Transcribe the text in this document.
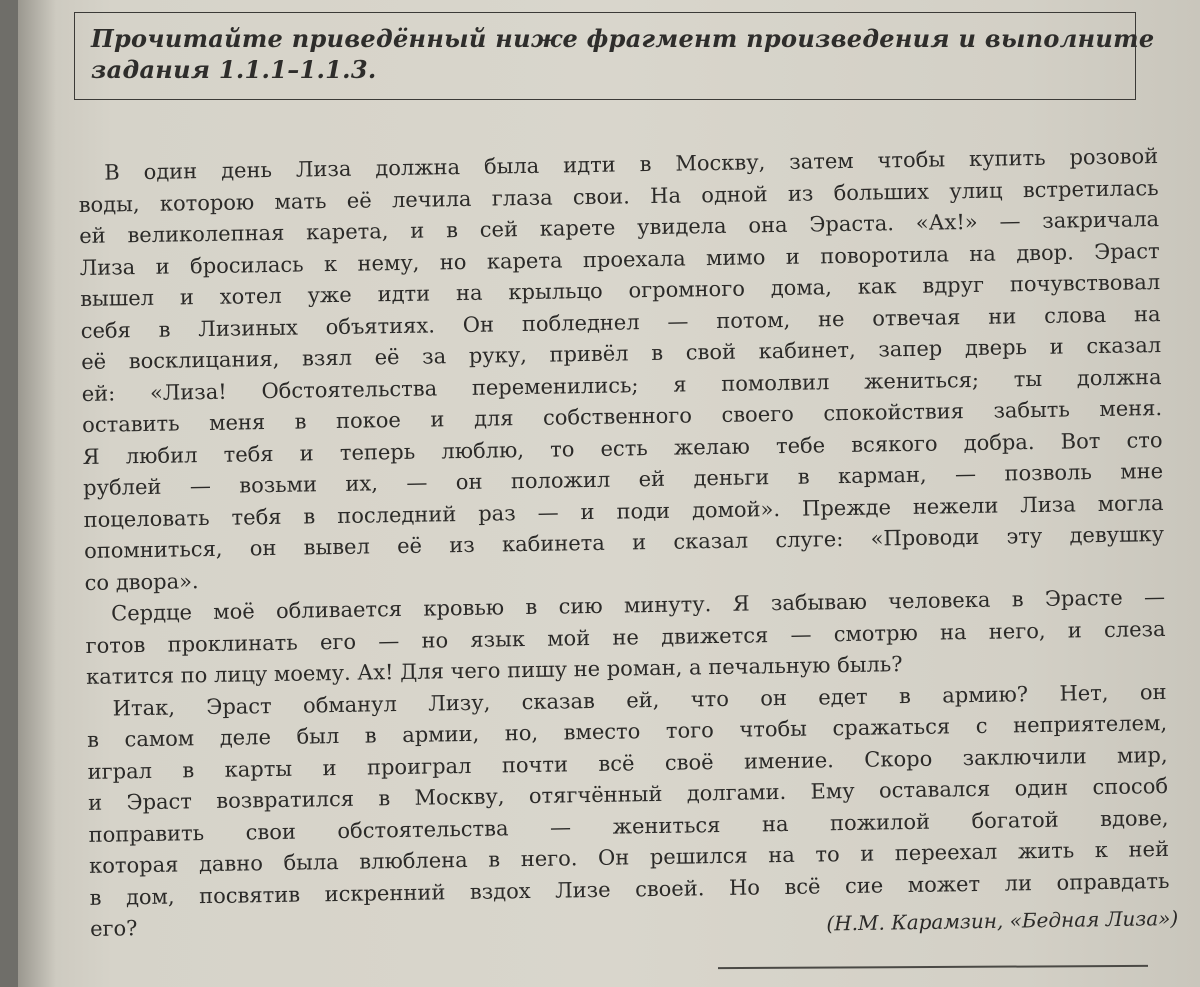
Прочитайте приведённый ниже фрагмент произведения и выполните
задания 1.1.1–1.1.3.
В один день Лиза должна была идти в Москву, затем чтобы купить розовой
воды, которою мать её лечила глаза свои. На одной из больших улиц встретилась
ей великолепная карета, и в сей карете увидела она Эраста. «Ах!» — закричала
Лиза и бросилась к нему, но карета проехала мимо и поворотила на двор. Эраст
вышел и хотел уже идти на крыльцо огромного дома, как вдруг почувствовал
себя в Лизиных объятиях. Он побледнел — потом, не отвечая ни слова на
её восклицания, взял её за руку, привёл в свой кабинет, запер дверь и сказал
ей: «Лиза! Обстоятельства переменились; я помолвил жениться; ты должна
оставить меня в покое и для собственного своего спокойствия забыть меня.
Я любил тебя и теперь люблю, то есть желаю тебе всякого добра. Вот сто
рублей — возьми их, — он положил ей деньги в карман, — позволь мне
поцеловать тебя в последний раз — и поди домой». Прежде нежели Лиза могла
опомниться, он вывел её из кабинета и сказал слуге: «Проводи эту девушку
со двора».
Сердце моё обливается кровью в сию минуту. Я забываю человека в Эрасте —
готов проклинать его — но язык мой не движется — смотрю на него, и слеза
катится по лицу моему. Ах! Для чего пишу не роман, а печальную быль?
Итак, Эраст обманул Лизу, сказав ей, что он едет в армию? Нет, он
в самом деле был в армии, но, вместо того чтобы сражаться с неприятелем,
играл в карты и проиграл почти всё своё имение. Скоро заключили мир,
и Эраст возвратился в Москву, отягчённый долгами. Ему оставался один способ
поправить свои обстоятельства — жениться на пожилой богатой вдове,
которая давно была влюблена в него. Он решился на то и переехал жить к ней
в дом, посвятив искренний вздох Лизе своей. Но всё сие может ли оправдать
его?	(Н.М. Карамзин, «Бедная Лиза»)
